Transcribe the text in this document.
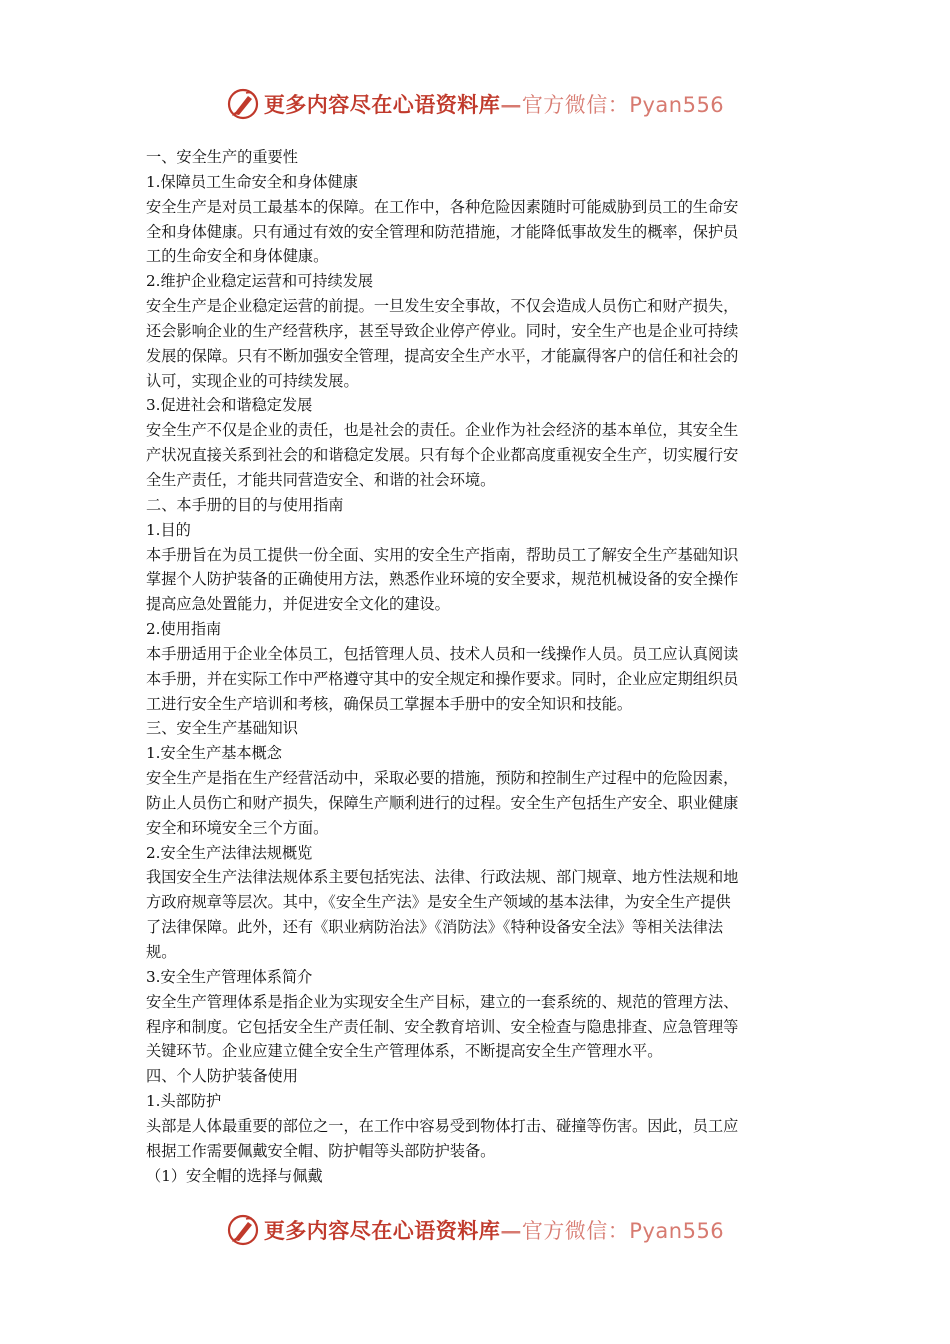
更多内容尽在心语资料库—官方微信：Pyan556
一、安全生产的重要性
1.保障员工生命安全和身体健康
安全生产是对员工最基本的保障。在工作中，各种危险因素随时可能威胁到员工的生命安
全和身体健康。只有通过有效的安全管理和防范措施，才能降低事故发生的概率，保护员
工的生命安全和身体健康。
2.维护企业稳定运营和可持续发展
安全生产是企业稳定运营的前提。一旦发生安全事故，不仅会造成人员伤亡和财产损失，
还会影响企业的生产经营秩序，甚至导致企业停产停业。同时，安全生产也是企业可持续
发展的保障。只有不断加强安全管理，提高安全生产水平，才能赢得客户的信任和社会的
认可，实现企业的可持续发展。
3.促进社会和谐稳定发展
安全生产不仅是企业的责任，也是社会的责任。企业作为社会经济的基本单位，其安全生
产状况直接关系到社会的和谐稳定发展。只有每个企业都高度重视安全生产，切实履行安
全生产责任，才能共同营造安全、和谐的社会环境。
二、本手册的目的与使用指南
1.目的
本手册旨在为员工提供一份全面、实用的安全生产指南，帮助员工了解安全生产基础知识
掌握个人防护装备的正确使用方法，熟悉作业环境的安全要求，规范机械设备的安全操作
提高应急处置能力，并促进安全文化的建设。
2.使用指南
本手册适用于企业全体员工，包括管理人员、技术人员和一线操作人员。员工应认真阅读
本手册，并在实际工作中严格遵守其中的安全规定和操作要求。同时，企业应定期组织员
工进行安全生产培训和考核，确保员工掌握本手册中的安全知识和技能。
三、安全生产基础知识
1.安全生产基本概念
安全生产是指在生产经营活动中，采取必要的措施，预防和控制生产过程中的危险因素，
防止人员伤亡和财产损失，保障生产顺利进行的过程。安全生产包括生产安全、职业健康
安全和环境安全三个方面。
2.安全生产法律法规概览
我国安全生产法律法规体系主要包括宪法、法律、行政法规、部门规章、地方性法规和地
方政府规章等层次。其中，《安全生产法》是安全生产领域的基本法律，为安全生产提供
了法律保障。此外，还有《职业病防治法》《消防法》《特种设备安全法》等相关法律法
规。
3.安全生产管理体系简介
安全生产管理体系是指企业为实现安全生产目标，建立的一套系统的、规范的管理方法、
程序和制度。它包括安全生产责任制、安全教育培训、安全检查与隐患排查、应急管理等
关键环节。企业应建立健全安全生产管理体系，不断提高安全生产管理水平。
四、个人防护装备使用
1.头部防护
头部是人体最重要的部位之一，在工作中容易受到物体打击、碰撞等伤害。因此，员工应
根据工作需要佩戴安全帽、防护帽等头部防护装备。
（1）安全帽的选择与佩戴
更多内容尽在心语资料库—官方微信：Pyan556
